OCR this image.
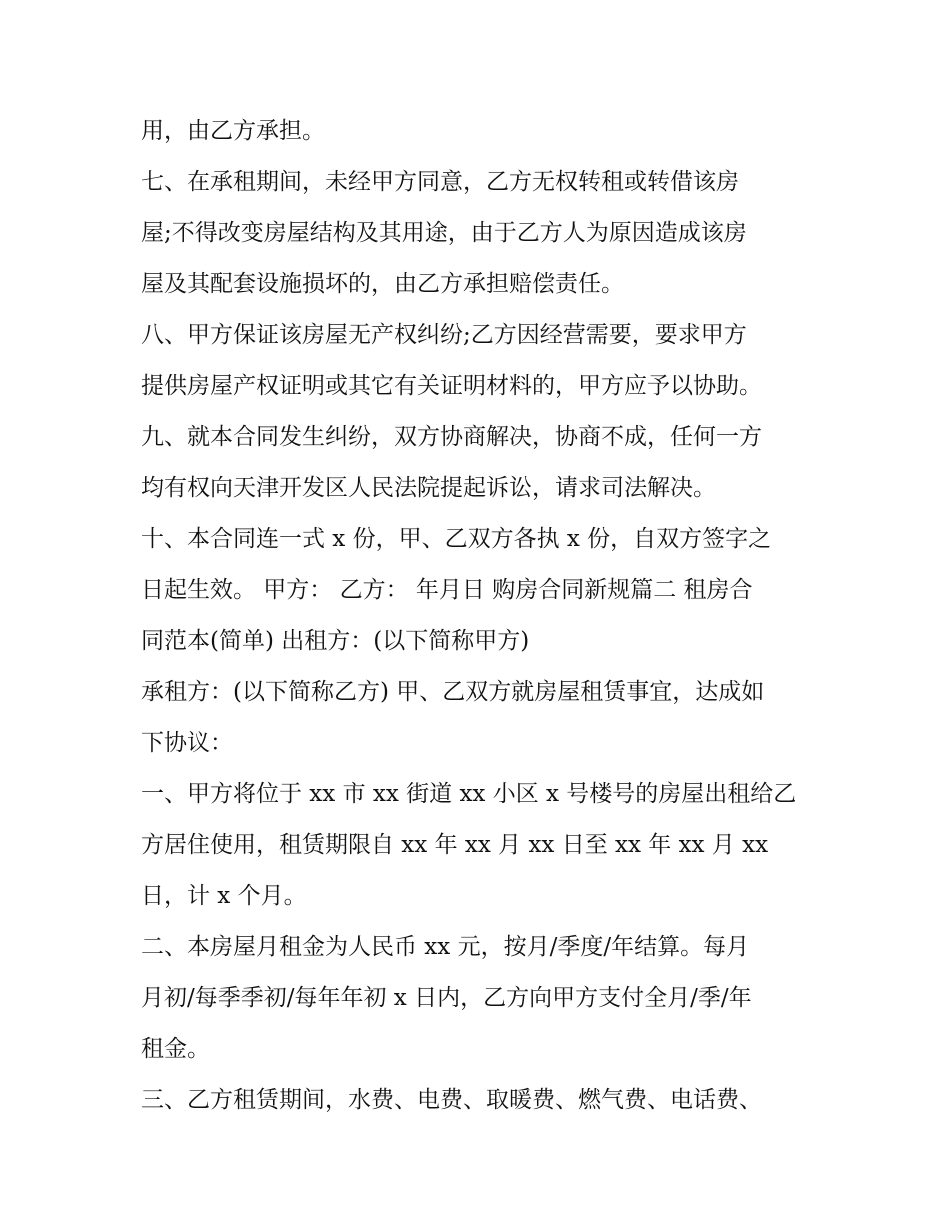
用，由乙方承担。
七、在承租期间，未经甲方同意，乙方无权转租或转借该房
屋;不得改变房屋结构及其用途，由于乙方人为原因造成该房
屋及其配套设施损坏的，由乙方承担赔偿责任。
八、甲方保证该房屋无产权纠纷;乙方因经营需要，要求甲方
提供房屋产权证明或其它有关证明材料的，甲方应予以协助。
九、就本合同发生纠纷，双方协商解决，协商不成，任何一方
均有权向天津开发区人民法院提起诉讼，请求司法解决。
十、本合同连一式 x 份，甲、乙双方各执 x 份，自双方签字之
日起生效。 甲方： 乙方： 年月日 购房合同新规篇二 租房合
同范本(简单) 出租方：(以下简称甲方)
承租方：(以下简称乙方) 甲、乙双方就房屋租赁事宜，达成如
下协议：
一、甲方将位于 xx 市 xx 街道 xx 小区 x 号楼号的房屋出租给乙
方居住使用，租赁期限自 xx 年 xx 月 xx 日至 xx 年 xx 月 xx
日，计 x 个月。
二、本房屋月租金为人民币 xx 元，按月/季度/年结算。每月
月初/每季季初/每年年初 x 日内，乙方向甲方支付全月/季/年
租金。
三、乙方租赁期间，水费、电费、取暖费、燃气费、电话费、
